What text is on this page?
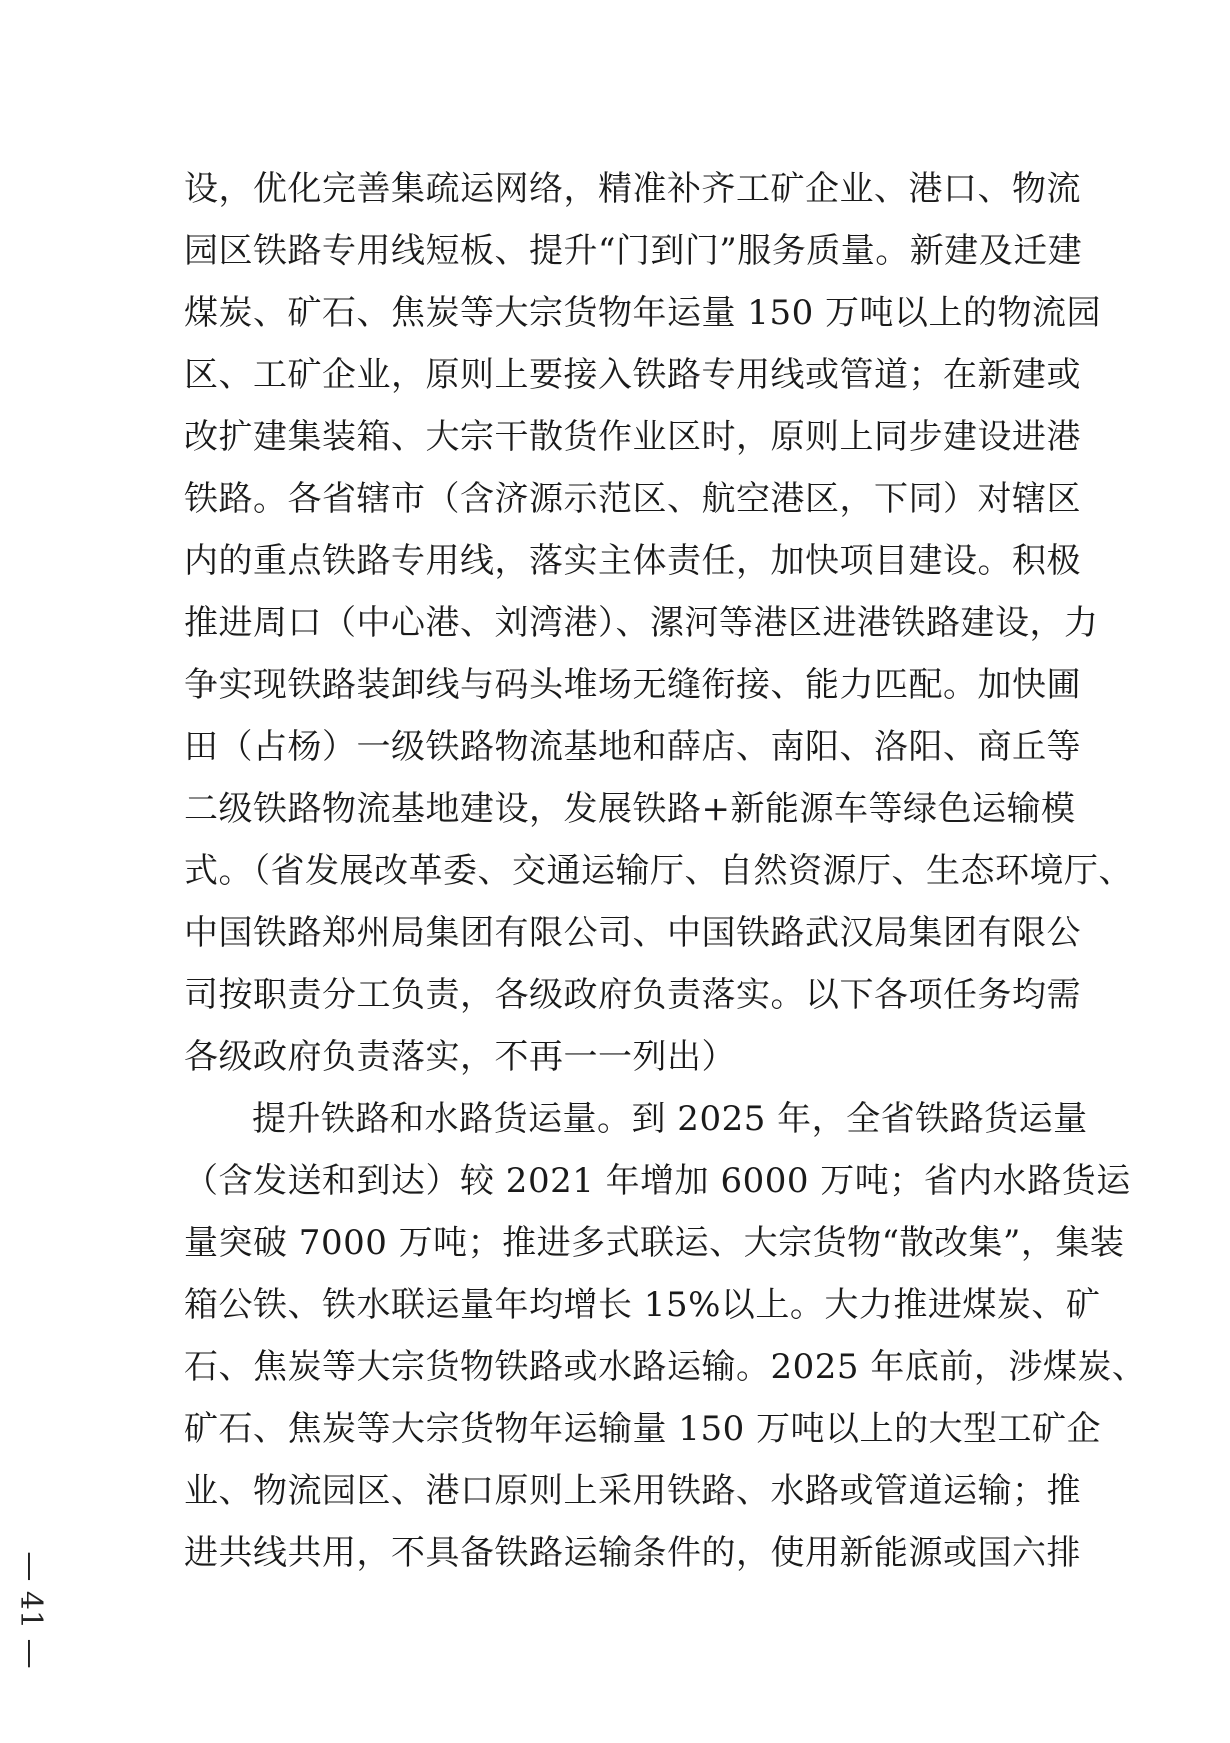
设，优化完善集疏运网络，精准补齐工矿企业、港口、物流
园区铁路专用线短板、提升“门到门”服务质量。新建及迁建
煤炭、矿石、焦炭等大宗货物年运量 150 万吨以上的物流园
区、工矿企业，原则上要接入铁路专用线或管道；在新建或
改扩建集装箱、大宗干散货作业区时，原则上同步建设进港
铁路。各省辖市（含济源示范区、航空港区，下同）对辖区
内的重点铁路专用线，落实主体责任，加快项目建设。积极
推进周口（中心港、刘湾港）、漯河等港区进港铁路建设，力
争实现铁路装卸线与码头堆场无缝衔接、能力匹配。加快圃
田（占杨）一级铁路物流基地和薛店、南阳、洛阳、商丘等
二级铁路物流基地建设，发展铁路+新能源车等绿色运输模
式。（省发展改革委、交通运输厅、自然资源厅、生态环境厅、
中国铁路郑州局集团有限公司、中国铁路武汉局集团有限公
司按职责分工负责，各级政府负责落实。以下各项任务均需
各级政府负责落实，不再一一列出）
提升铁路和水路货运量。到 2025 年，全省铁路货运量
（含发送和到达）较 2021 年增加 6000 万吨；省内水路货运
量突破 7000 万吨；推进多式联运、大宗货物“散改集”，集装
箱公铁、铁水联运量年均增长 15%以上。大力推进煤炭、矿
石、焦炭等大宗货物铁路或水路运输。2025 年底前，涉煤炭、
矿石、焦炭等大宗货物年运输量 150 万吨以上的大型工矿企
业、物流园区、港口原则上采用铁路、水路或管道运输；推
进共线共用，不具备铁路运输条件的，使用新能源或国六排
— 41 —
